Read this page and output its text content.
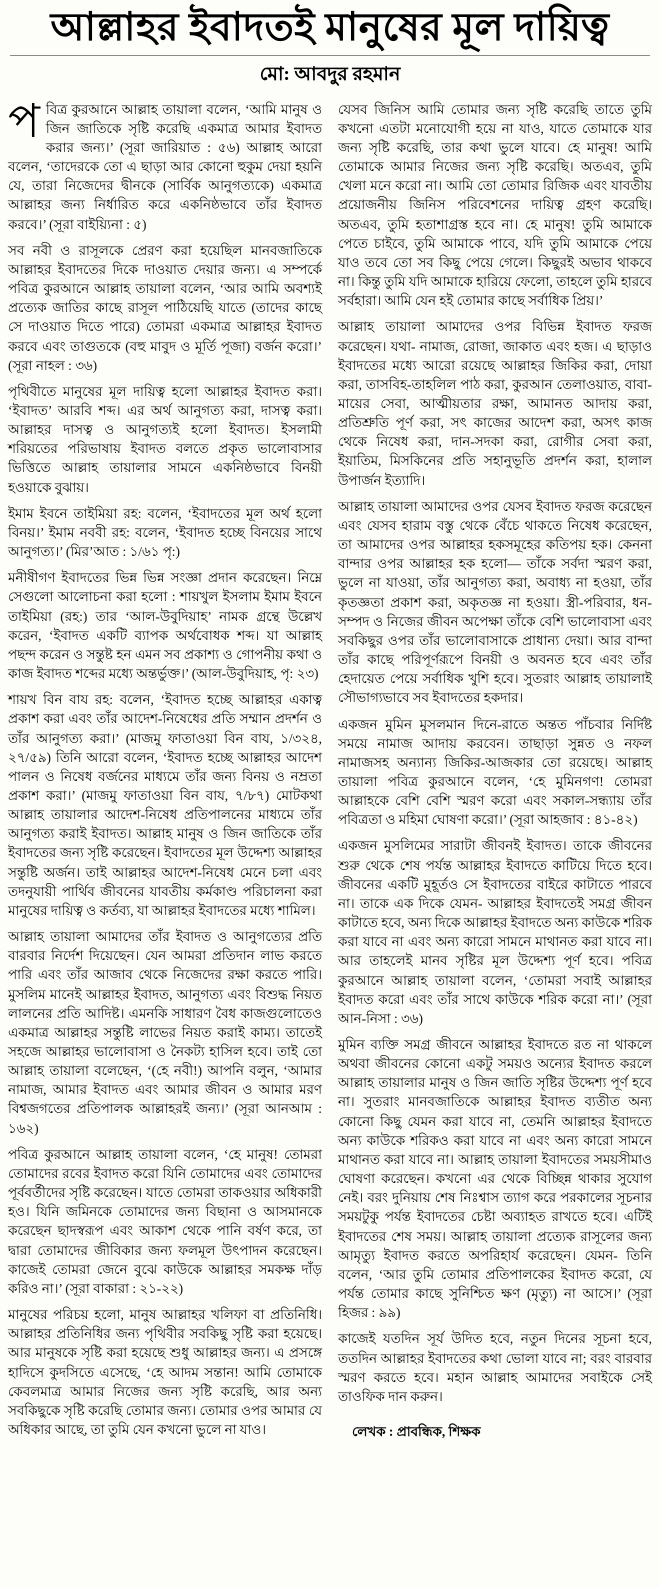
আল্লাহর ইবাদতই মানুষের মূল দায়িত্ব
মো: আবদুর রহমান

পবিত্র কুরআনে আল্লাহ তায়ালা বলেন, ‘আমি মানুষ ও জিন জাতিকে সৃষ্টি করেছি একমাত্র আমার ইবাদত করার জন্য।’ (সূরা জারিয়াত : ৫৬) আল্লাহ আরো বলেন, ‘তাদেরকে তো এ ছাড়া আর কোনো হুকুম দেয়া হয়নি যে, তারা নিজেদের দ্বীনকে (সার্বিক আনুগত্যকে) একমাত্র আল্লাহর জন্য নির্ধারিত করে একনিষ্ঠভাবে তাঁর ইবাদত করবে।’ (সূরা বাইয়্যিনা : ৫)

সব নবী ও রাসূলকে প্রেরণ করা হয়েছিল মানবজাতিকে আল্লাহর ইবাদতের দিকে দাওয়াত দেয়ার জন্য। এ সম্পর্কে পবিত্র কুরআনে আল্লাহ তায়ালা বলেন, ‘আর আমি অবশ্যই প্রত্যেক জাতির কাছে রাসূল পাঠিয়েছি যাতে (তাদের কাছে সে দাওয়াত দিতে পারে) তোমরা একমাত্র আল্লাহর ইবাদত করবে এবং তাগুতকে (বহু মাবুদ ও মূর্তি পূজা) বর্জন করো।’ (সূরা নাহল : ৩৬)

পৃথিবীতে মানুষের মূল দায়িত্ব হলো আল্লাহর ইবাদত করা। ‘ইবাদত’ আরবি শব্দ। এর অর্থ আনুগত্য করা, দাসত্ব করা। আল্লাহর দাসত্ব ও আনুগত্যই হলো ইবাদত। ইসলামী শরিয়তের পরিভাষায় ইবাদত বলতে প্রকৃত ভালোবাসার ভিত্তিতে আল্লাহ তায়ালার সামনে একনিষ্ঠভাবে বিনয়ী হওয়াকে বুঝায়।

ইমাম ইবনে তাইমিয়া রহ: বলেন, ‘ইবাদতের মূল অর্থ হলো বিনয়।’ ইমাম নববী রহ: বলেন, ‘ইবাদত হচ্ছে বিনয়ের সাথে আনুগত্য।’ (মির’আত : ১/৬১ পৃ:)

মনীষীগণ ইবাদতের ভিন্ন ভিন্ন সংজ্ঞা প্রদান করেছেন। নিম্নে সেগুলো আলোচনা করা হলো : শায়খুল ইসলাম ইমাম ইবনে তাইমিয়া (রহ:) তার ‘আল-উবুদিয়াহ’ নামক গ্রন্থে উল্লেখ করেন, ‘ইবাদত একটি ব্যাপক অর্থবোধক শব্দ। যা আল্লাহ পছন্দ করেন ও সন্তুষ্ট হন এমন সব প্রকাশ্য ও গোপনীয় কথা ও কাজ ইবাদত শব্দের মধ্যে অন্তর্ভুক্ত।’ (আল-উবুদিয়াহ, পৃ: ২৩)

শায়খ বিন বায রহ: বলেন, ‘ইবাদত হচ্ছে আল্লাহর একাত্ব প্রকাশ করা এবং তাঁর আদেশ-নিষেধের প্রতি সম্মান প্রদর্শন ও তাঁর আনুগত্য করা।’ (মাজমু ফাতাওয়া বিন বায, ১/৩২৪, ২৭/৫৯) তিনি আরো বলেন, ‘ইবাদত হচ্ছে আল্লাহর আদেশ পালন ও নিষেধ বর্জনের মাধ্যমে তাঁর জন্য বিনয় ও নম্রতা প্রকাশ করা।’ (মাজমু ফাতাওয়া বিন বায, ৭/৮৭) মোটকথা আল্লাহ তায়ালার আদেশ-নিষেধ প্রতিপালনের মাধ্যমে তাঁর আনুগত্য করাই ইবাদত। আল্লাহ মানুষ ও জিন জাতিকে তাঁর ইবাদতের জন্য সৃষ্টি করেছেন। ইবাদতের মূল উদ্দেশ্য আল্লাহর সন্তুষ্টি অর্জন। তাই আল্লাহর আদেশ-নিষেধ মেনে চলা এবং তদনুযায়ী পার্থিব জীবনের যাবতীয় কর্মকাণ্ড পরিচালনা করা মানুষের দায়িত্ব ও কর্তব্য, যা আল্লাহর ইবাদতের মধ্যে শামিল।

আল্লাহ তায়ালা আমাদের তাঁর ইবাদত ও আনুগত্যের প্রতি বারবার নির্দেশ দিয়েছেন। যেন আমরা প্রতিদান লাভ করতে পারি এবং তাঁর আজাব থেকে নিজেদের রক্ষা করতে পারি। মুসলিম মানেই আল্লাহর ইবাদত, আনুগত্য এবং বিশুদ্ধ নিয়ত লালনের প্রতি আদিষ্ট। এমনকি সাধারণ বৈধ কাজগুলোতেও একমাত্র আল্লাহর সন্তুষ্টি লাভের নিয়ত করাই কাম্য। তাতেই সহজে আল্লাহর ভালোবাসা ও নৈকট্য হাসিল হবে। তাই তো আল্লাহ তায়ালা বলেছেন, ‘(হে নবী!) আপনি বলুন, ‘আমার নামাজ, আমার ইবাদত এবং আমার জীবন ও আমার মরণ বিশ্বজগতের প্রতিপালক আল্লাহরই জন্য।’ (সূরা আনআম : ১৬২)

পবিত্র কুরআনে আল্লাহ তায়ালা বলেন, ‘হে মানুষ! তোমরা তোমাদের রবের ইবাদত করো যিনি তোমাদের এবং তোমাদের পূর্ববর্তীদের সৃষ্টি করেছেন। যাতে তোমরা তাকওয়ার অধিকারী হও। যিনি জমিনকে তোমাদের জন্য বিছানা ও আসমানকে করেছেন ছাদস্বরূপ এবং আকাশ থেকে পানি বর্ষণ করে, তা দ্বারা তোমাদের জীবিকার জন্য ফলমূল উৎপাদন করেছেন। কাজেই তোমরা জেনে বুঝে কাউকে আল্লাহর সমকক্ষ দাঁড় করিও না।’ (সূরা বাকারা : ২১-২২)

মানুষের পরিচয় হলো, মানুষ আল্লাহর খলিফা বা প্রতিনিধি। আল্লাহর প্রতিনিধির জন্য পৃথিবীর সবকিছু সৃষ্টি করা হয়েছে। আর মানুষকে সৃষ্টি করা হয়েছে শুধু আল্লাহর জন্য। এ প্রসঙ্গে হাদিসে কুদসিতে এসেছে, ‘হে আদম সন্তান! আমি তোমাকে কেবলমাত্র আমার নিজের জন্য সৃষ্টি করেছি, আর অন্য সবকিছুকে সৃষ্টি করেছি তোমার জন্য। তোমার ওপর আমার যে অধিকার আছে, তা তুমি যেন কখনো ভুলে না যাও।

যেসব জিনিস আমি তোমার জন্য সৃষ্টি করেছি তাতে তুমি কখনো এতটা মনোযোগী হয়ে না যাও, যাতে তোমাকে যার জন্য সৃষ্টি করেছি, তার কথা ভুলে যাবে। হে মানুষ! আমি তোমাকে আমার নিজের জন্য সৃষ্টি করেছি। অতএব, তুমি খেলা মনে করো না। আমি তো তোমার রিজিক এবং যাবতীয় প্রয়োজনীয় জিনিস পরিবেশনের দায়িত্ব গ্রহণ করেছি। অতএব, তুমি হতাশাগ্রস্ত হবে না। হে মানুষ! তুমি আমাকে পেতে চাইবে, তুমি আমাকে পাবে, যদি তুমি আমাকে পেয়ে যাও তবে তো সব কিছু পেয়ে গেলে। কিছুরই অভাব থাকবে না। কিন্তু তুমি যদি আমাকে হারিয়ে ফেলো, তাহলে তুমি হারবে সর্বহারা। আমি যেন হই তোমার কাছে সর্বাধিক প্রিয়।’

আল্লাহ তায়ালা আমাদের ওপর বিভিন্ন ইবাদত ফরজ করেছেন। যথা- নামাজ, রোজা, জাকাত এবং হজ। এ ছাড়াও ইবাদতের মধ্যে আরো রয়েছে আল্লাহর জিকির করা, দোয়া করা, তাসবিহ-তাহলিল পাঠ করা, কুরআন তেলাওয়াত, বাবা-মায়ের সেবা, আত্মীয়তার রক্ষা, আমানত আদায় করা, প্রতিশ্রুতি পূর্ণ করা, সৎ কাজের আদেশ করা, অসৎ কাজ থেকে নিষেধ করা, দান-সদকা করা, রোগীর সেবা করা, ইয়াতিম, মিসকিনের প্রতি সহানুভূতি প্রদর্শন করা, হালাল উপার্জন ইত্যাদি।

আল্লাহ তায়ালা আমাদের ওপর যেসব ইবাদত ফরজ করেছেন এবং যেসব হারাম বস্তু থেকে বেঁচে থাকতে নিষেধ করেছেন, তা আমাদের ওপর আল্লাহর হকসমূহের কতিপয় হক। কেননা বান্দার ওপর আল্লাহর হক হলো— তাঁকে সর্বদা স্মরণ করা, ভুলে না যাওয়া, তাঁর আনুগত্য করা, অবাধ্য না হওয়া, তাঁর কৃতজ্ঞতা প্রকাশ করা, অকৃতজ্ঞ না হওয়া। স্ত্রী-পরিবার, ধন-সম্পদ ও নিজের জীবন অপেক্ষা তাঁকে বেশি ভালোবাসা এবং সবকিছুর ওপর তাঁর ভালোবাসাকে প্রাধান্য দেয়া। আর বান্দা তাঁর কাছে পরিপূর্ণরূপে বিনয়ী ও অবনত হবে এবং তাঁর হেদায়েত পেয়ে সর্বাধিক খুশি হবে। সুতরাং আল্লাহ তায়ালাই সৌভাগ্যভাবে সব ইবাদতের হকদার।

একজন মুমিন মুসলমান দিনে-রাতে অন্তত পাঁচবার নির্দিষ্ট সময়ে নামাজ আদায় করবেন। তাছাড়া সুন্নত ও নফল নামাজসহ অন্যান্য জিকির-আজকার তো রয়েছে। আল্লাহ তায়ালা পবিত্র কুরআনে বলেন, ‘হে মুমিনগণ! তোমরা আল্লাহকে বেশি বেশি স্মরণ করো এবং সকাল-সন্ধ্যায় তাঁর পবিত্রতা ও মহিমা ঘোষণা করো।’ (সূরা আহজাব : ৪১-৪২)

একজন মুসলিমের সারাটা জীবনই ইবাদত। তাকে জীবনের শুরু থেকে শেষ পর্যন্ত আল্লাহর ইবাদতে কাটিয়ে দিতে হবে। জীবনের একটি মুহূর্তও সে ইবাদতের বাইরে কাটাতে পারবে না। তাকে এক দিকে যেমন- আল্লাহর ইবাদতেই সমগ্র জীবন কাটাতে হবে, অন্য দিকে আল্লাহর ইবাদতে অন্য কাউকে শরিক করা যাবে না এবং অন্য কারো সামনে মাথানত করা যাবে না। আর তাহলেই মানব সৃষ্টির মূল উদ্দেশ্য পূর্ণ হবে। পবিত্র কুরআনে আল্লাহ তায়ালা বলেন, ‘তোমরা সবাই আল্লাহর ইবাদত করো এবং তাঁর সাথে কাউকে শরিক করো না।’ (সূরা আন-নিসা : ৩৬)

মুমিন ব্যক্তি সমগ্র জীবনে আল্লাহর ইবাদতে রত না থাকলে অথবা জীবনের কোনো একটু সময়ও অন্যের ইবাদত করলে আল্লাহ তায়ালার মানুষ ও জিন জাতি সৃষ্টির উদ্দেশ্য পূর্ণ হবে না। সুতরাং মানবজাতিকে আল্লাহর ইবাদত ব্যতীত অন্য কোনো কিছু যেমন করা যাবে না, তেমনি আল্লাহর ইবাদতে অন্য কাউকে শরিকও করা যাবে না এবং অন্য কারো সামনে মাথানত করা যাবে না। আল্লাহ তায়ালা ইবাদতের সময়সীমাও ঘোষণা করেছেন। কখনো এর থেকে বিচ্ছিন্ন থাকার সুযোগ নেই। বরং দুনিয়ায় শেষ নিঃশ্বাস ত্যাগ করে পরকালের সূচনার সময়টুকু পর্যন্ত ইবাদতের চেষ্টা অব্যাহত রাখতে হবে। এটিই ইবাদতের শেষ সময়। আল্লাহ তায়ালা প্রত্যেক রাসূলের জন্য আমৃত্যু ইবাদত করতে অপরিহার্য করেছেন। যেমন- তিনি বলেন, ‘আর তুমি তোমার প্রতিপালকের ইবাদত করো, যে পর্যন্ত তোমার কাছে সুনিশ্চিত ক্ষণ (মৃত্যু) না আসে।’ (সূরা হিজর : ৯৯)

কাজেই যতদিন সূর্য উদিত হবে, নতুন দিনের সূচনা হবে, ততদিন আল্লাহর ইবাদতের কথা ভোলা যাবে না; বরং বারবার স্মরণ করতে হবে। মহান আল্লাহ আমাদের সবাইকে সেই তাওফিক দান করুন।

লেখক : প্রাবন্ধিক, শিক্ষক
